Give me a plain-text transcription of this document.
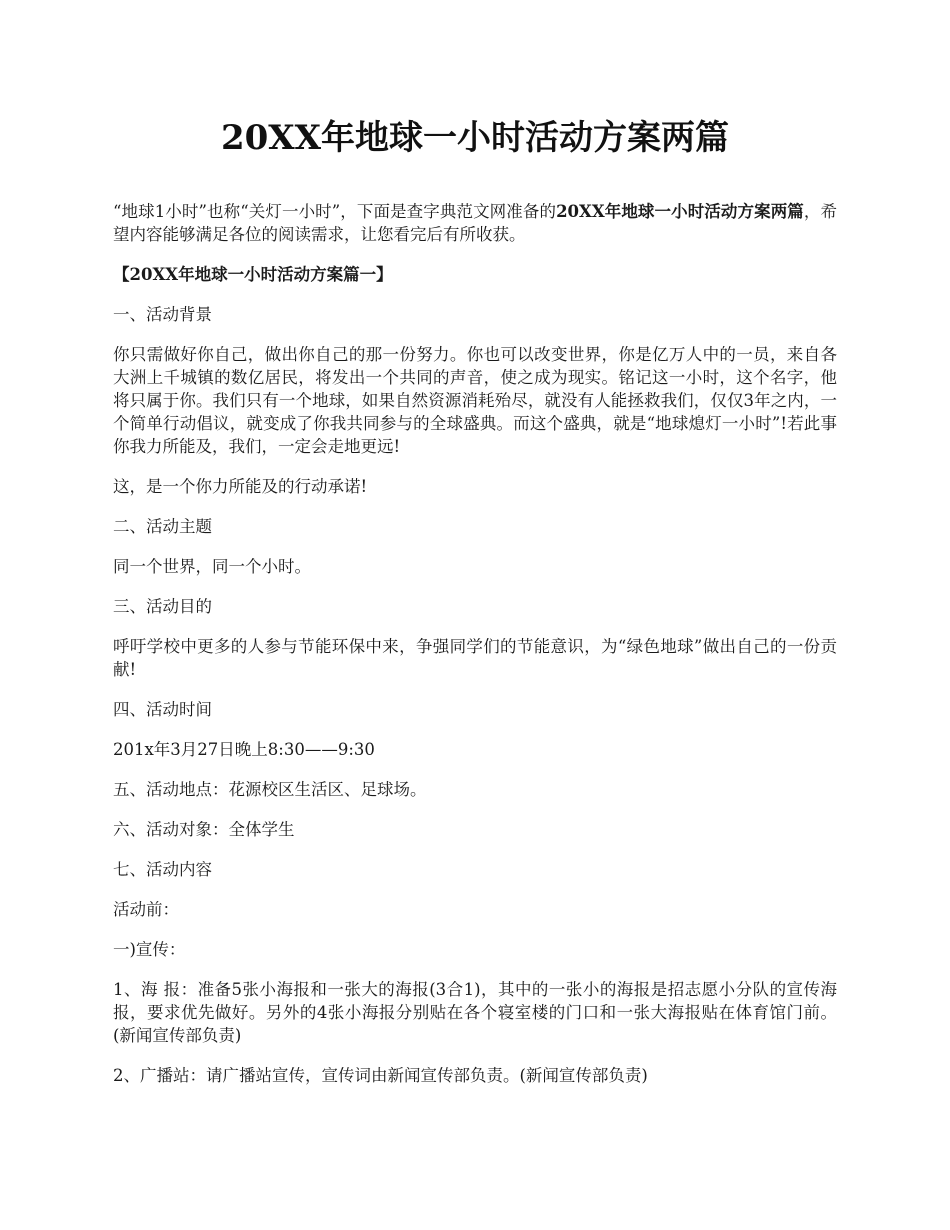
20XX年地球一小时活动方案两篇

“地球1小时”也称“关灯一小时”，下面是查字典范文网准备的20XX年地球一小时活动方案两篇，希望内容能够满足各位的阅读需求，让您看完后有所收获。

【20XX年地球一小时活动方案篇一】

一、活动背景

你只需做好你自己，做出你自己的那一份努力。你也可以改变世界，你是亿万人中的一员，来自各大洲上千城镇的数亿居民，将发出一个共同的声音，使之成为现实。铭记这一小时，这个名字，他将只属于你。我们只有一个地球，如果自然资源消耗殆尽，就没有人能拯救我们，仅仅3年之内，一个简单行动倡议，就变成了你我共同参与的全球盛典。而这个盛典，就是“地球熄灯一小时”!若此事你我力所能及，我们，一定会走地更远!

这，是一个你力所能及的行动承诺!

二、活动主题

同一个世界，同一个小时。

三、活动目的

呼吁学校中更多的人参与节能环保中来，争强同学们的节能意识，为“绿色地球”做出自己的一份贡献!

四、活动时间

201x年3月27日晚上8:30——9:30

五、活动地点：花源校区生活区、足球场。

六、活动对象：全体学生

七、活动内容

活动前：

一)宣传：

1、海 报：准备5张小海报和一张大的海报(3合1)，其中的一张小的海报是招志愿小分队的宣传海报，要求优先做好。另外的4张小海报分别贴在各个寝室楼的门口和一张大海报贴在体育馆门前。(新闻宣传部负责)

2、广播站：请广播站宣传，宣传词由新闻宣传部负责。(新闻宣传部负责)
